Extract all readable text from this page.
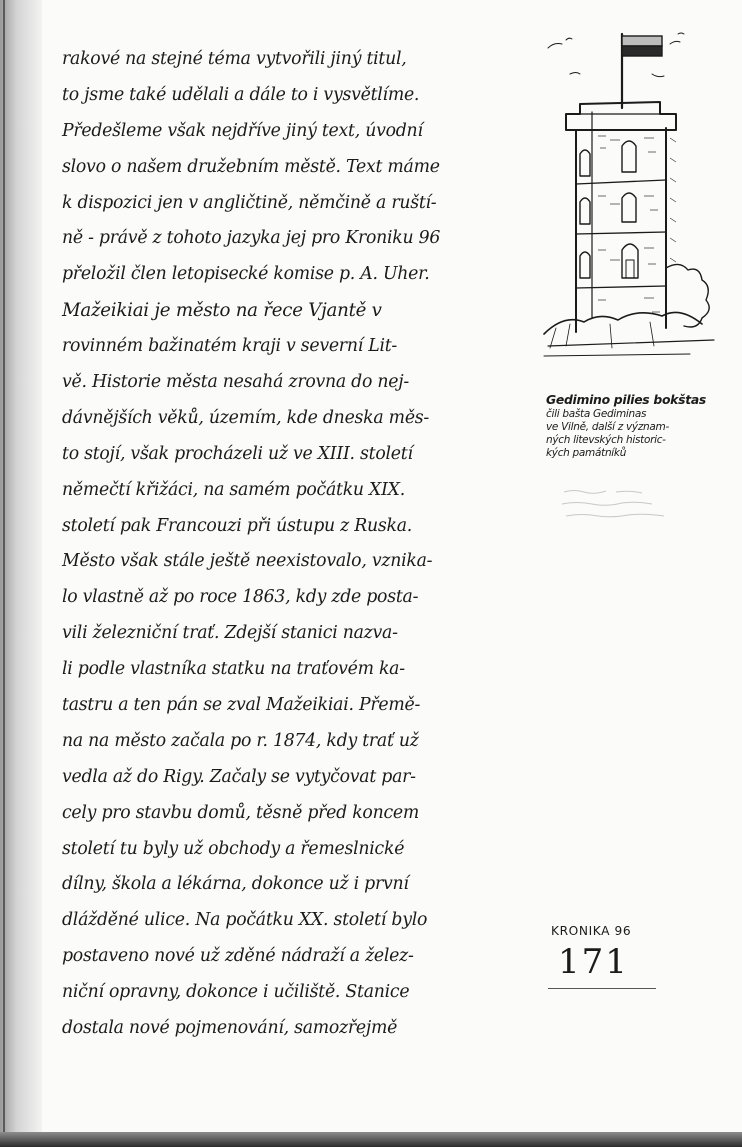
rakové na stejné téma vytvořili jiný titul,
to jsme také udělali a dále to i vysvětlíme.
Předešleme však nejdříve jiný text, úvodní
slovo o našem družebním městě. Text máme
k dispozici jen v angličtině, němčině a ruští-
ně - právě z tohoto jazyka jej pro Kroniku 96
přeložil člen letopisecké komise p. A. Uher.
Mažeikiai je město na řece Vjantě v
rovinném bažinatém kraji v severní Lit-
vě. Historie města nesahá zrovna do nej-
dávnějších věků, územím, kde dneska měs-
to stojí, však procházeli už ve XIII. století
němečtí křižáci, na samém počátku XIX.
století pak Francouzi při ústupu z Ruska.
Město však stále ještě neexistovalo, vznika-
lo vlastně až po roce 1863, kdy zde posta-
vili železniční trať. Zdejší stanici nazva-
li podle vlastníka statku na traťovém ka-
tastru a ten pán se zval Mažeikiai. Přemě-
na na město začala po r. 1874, kdy trať už
vedla až do Rigy. Začaly se vytyčovat par-
cely pro stavbu domů, těsně před koncem
století tu byly už obchody a řemeslnické
dílny, škola a lékárna, dokonce už i první
dlážděné ulice. Na počátku XX. století bylo
postaveno nové už zděné nádraží a želez-
niční opravny, dokonce i učiliště. Stanice
dostala nové pojmenování, samozřejmě
Gedimino pilies bokštas
čili bašta Gediminas
ve Vilně, další z význam-
ných litevských historic-
kých památníků
KRONIKA 96
171
